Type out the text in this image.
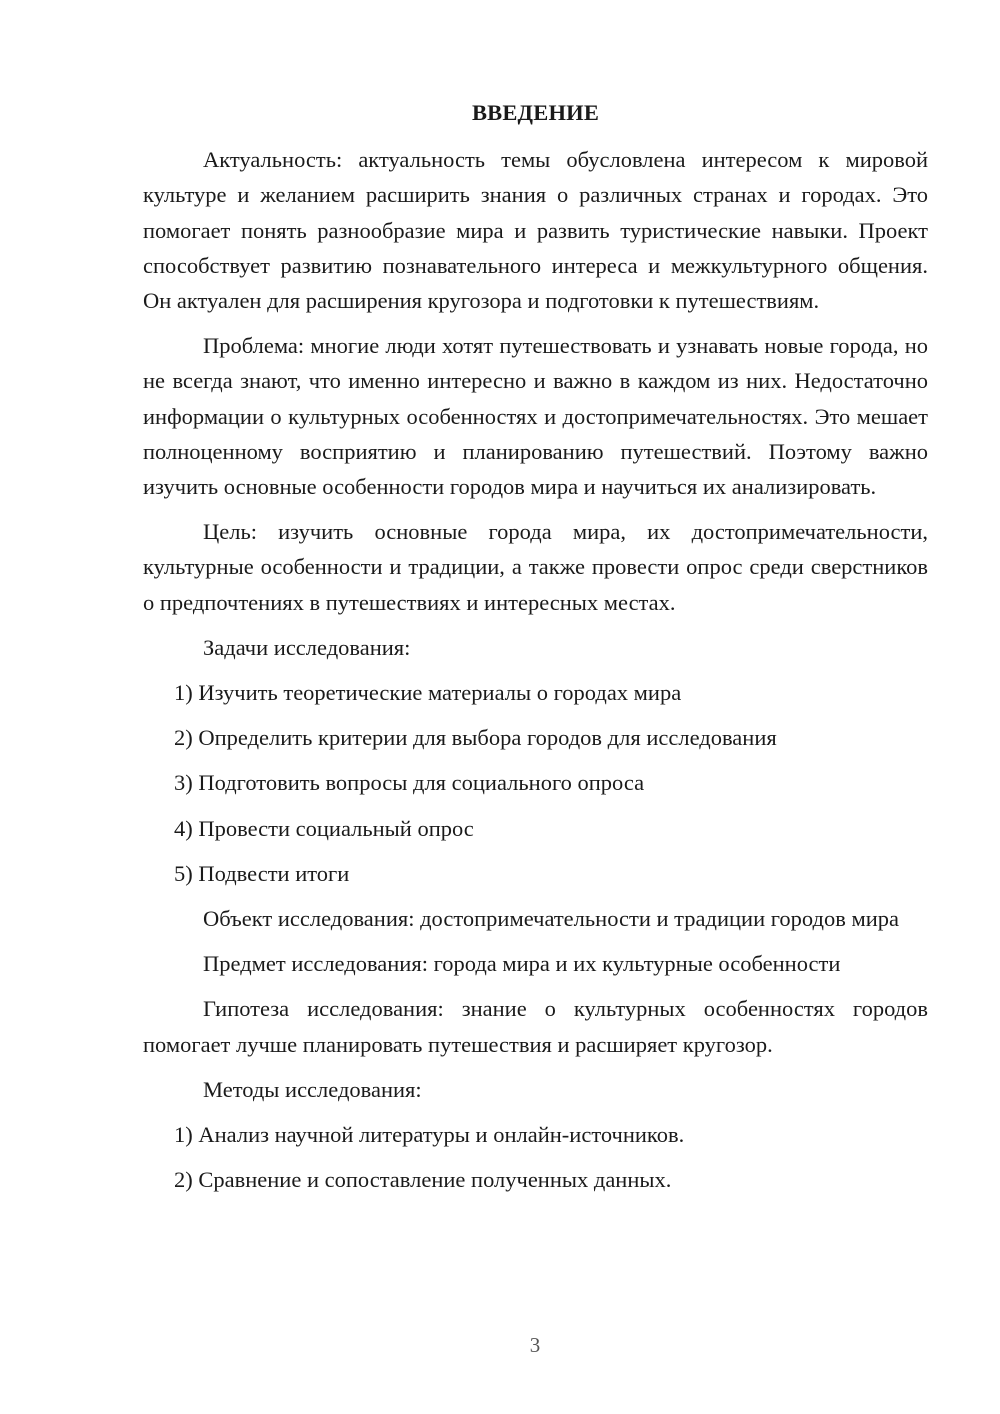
ВВЕДЕНИЕ

Актуальность: актуальность темы обусловлена интересом к мировой культуре и желанием расширить знания о различных странах и городах. Это помогает понять разнообразие мира и развить туристические навыки. Проект способствует развитию познавательного интереса и межкультурного общения. Он актуален для расширения кругозора и подготовки к путешествиям.

Проблема: многие люди хотят путешествовать и узнавать новые города, но не всегда знают, что именно интересно и важно в каждом из них. Недостаточно информации о культурных особенностях и достопримечательностях. Это мешает полноценному восприятию и планированию путешествий. Поэтому важно изучить основные особенности городов мира и научиться их анализировать.

Цель: изучить основные города мира, их достопримечательности, культурные особенности и традиции, а также провести опрос среди сверстников о предпочтениях в путешествиях и интересных местах.

Задачи исследования:

1) Изучить теоретические материалы о городах мира

2) Определить критерии для выбора городов для исследования

3) Подготовить вопросы для социального опроса

4) Провести социальный опрос

5) Подвести итоги

Объект исследования: достопримечательности и традиции городов мира

Предмет исследования: города мира и их культурные особенности

Гипотеза исследования: знание о культурных особенностях городов помогает лучше планировать путешествия и расширяет кругозор.

Методы исследования:

1) Анализ научной литературы и онлайн-источников.

2) Сравнение и сопоставление полученных данных.

3
